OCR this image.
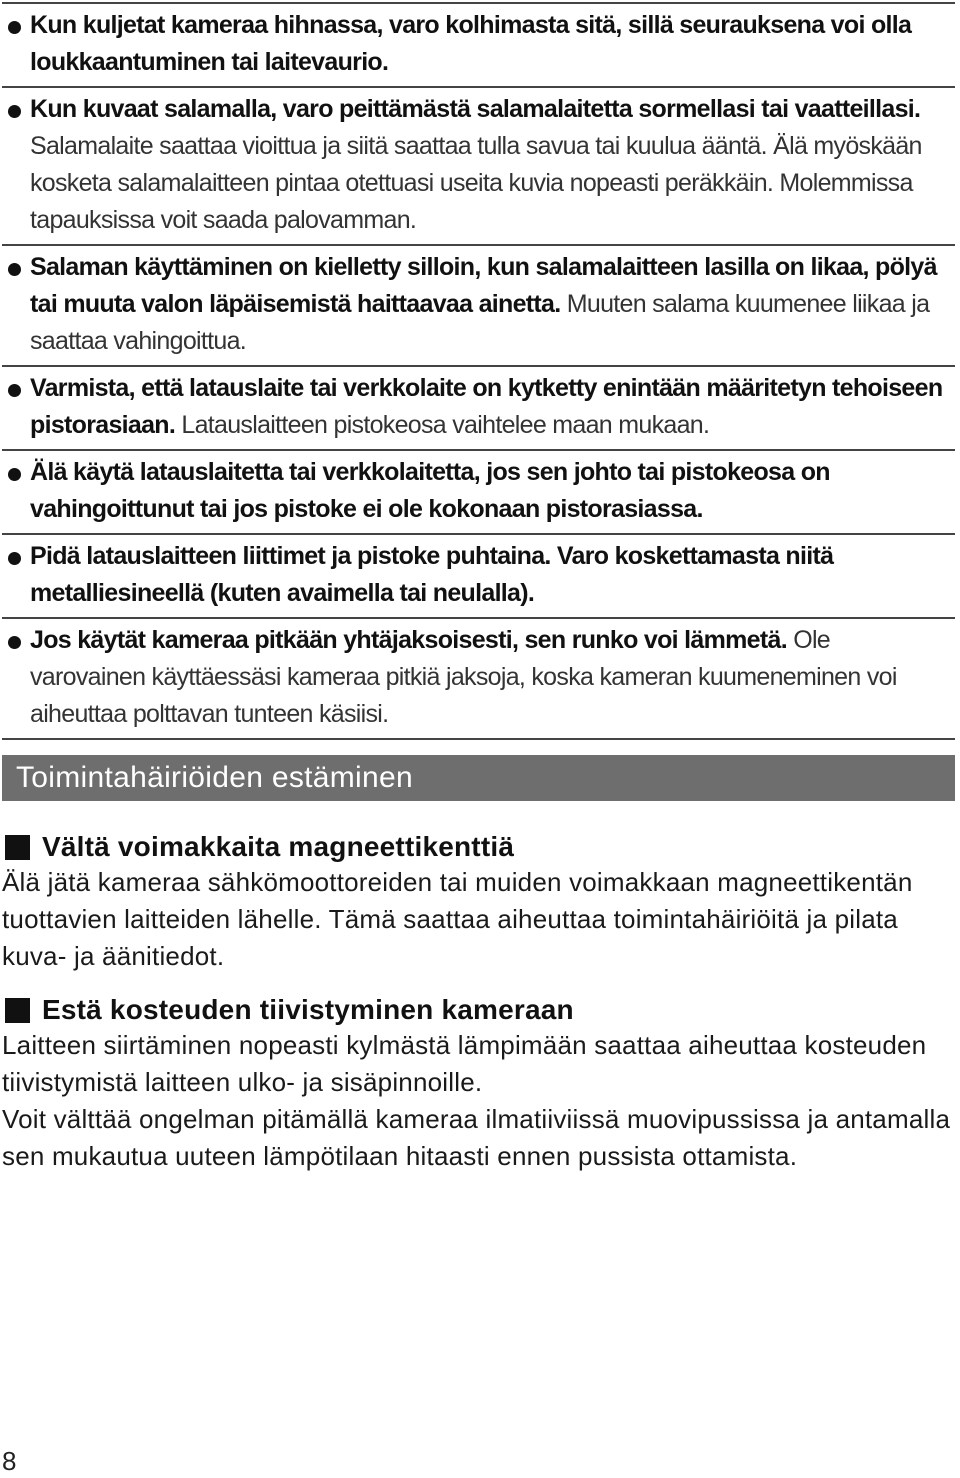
Kun kuljetat kameraa hihnassa, varo kolhimasta sitä, sillä seurauksena voi olla loukkaantuminen tai laitevaurio.
Kun kuvaat salamalla, varo peittämästä salamalaitetta sormellasi tai vaatteillasi. Salamalaite saattaa vioittua ja siitä saattaa tulla savua tai kuulua ääntä. Älä myöskään kosketa salamalaitteen pintaa otettuasi useita kuvia nopeasti peräkkäin. Molemmissa tapauksissa voit saada palovamman.
Salaman käyttäminen on kielletty silloin, kun salamalaitteen lasilla on likaa, pölyä tai muuta valon läpäisemistä haittaavaa ainetta. Muuten salama kuumenee liikaa ja saattaa vahingoittua.
Varmista, että latauslaite tai verkkolaite on kytketty enintään määritetyn tehoiseen pistorasiaan. Latauslaitteen pistokeosa vaihtelee maan mukaan.
Älä käytä latauslaitetta tai verkkolaitetta, jos sen johto tai pistokeosa on vahingoittunut tai jos pistoke ei ole kokonaan pistorasiassa.
Pidä latauslaitteen liittimet ja pistoke puhtaina. Varo koskettamasta niitä metalliesineellä (kuten avaimella tai neulalla).
Jos käytät kameraa pitkään yhtäjaksoisesti, sen runko voi lämmetä. Ole varovainen käyttäessäsi kameraa pitkiä jaksoja, koska kameran kuumeneminen voi aiheuttaa polttavan tunteen käsiisi.
Toimintahäiriöiden estäminen
Vältä voimakkaita magneettikenttiä

Älä jätä kameraa sähkömoottoreiden tai muiden voimakkaan magneettikentän tuottavien laitteiden lähelle. Tämä saattaa aiheuttaa toimintahäiriöitä ja pilata kuva- ja äänitiedot.

Estä kosteuden tiivistyminen kameraan

Laitteen siirtäminen nopeasti kylmästä lämpimään saattaa aiheuttaa kosteuden tiivistymistä laitteen ulko- ja sisäpinnoille.

Voit välttää ongelman pitämällä kameraa ilmatiiviissä muovipussissa ja antamalla sen mukautua uuteen lämpötilaan hitaasti ennen pussista ottamista.

8
